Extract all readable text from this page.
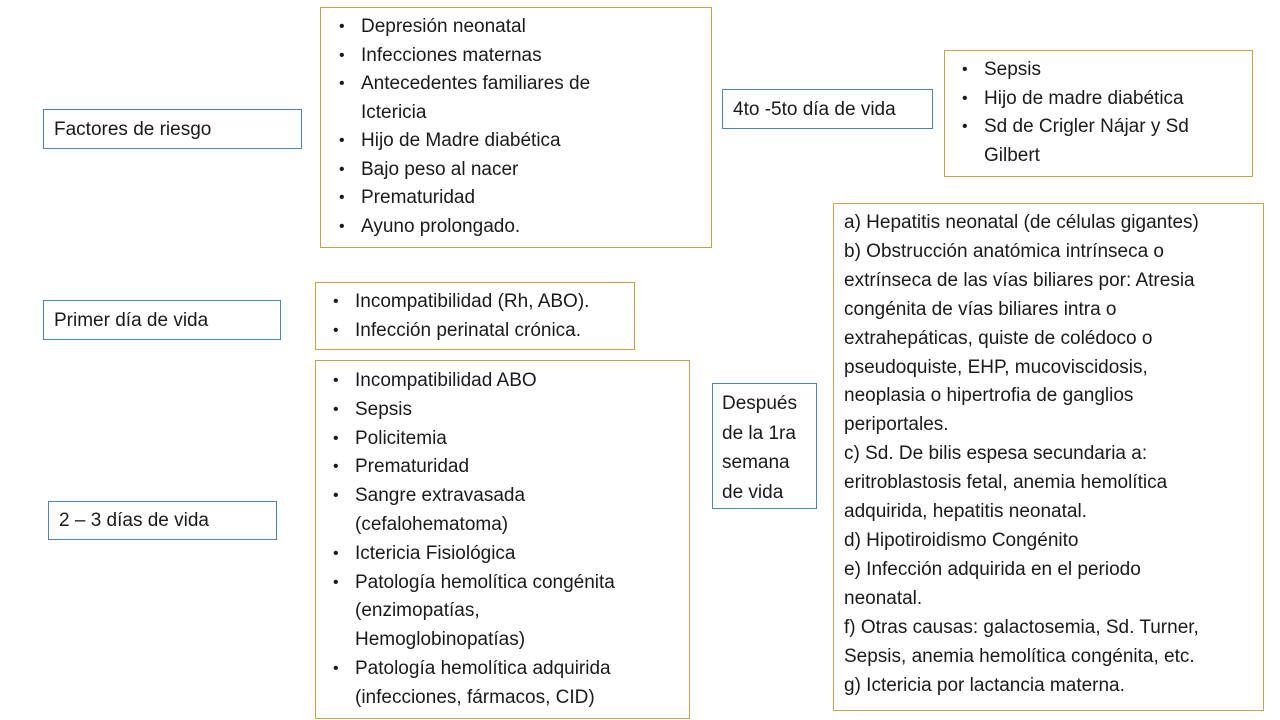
Factores de riesgo
Primer día de vida
2 – 3 días de vida
4to -5to día de vida
Después
de la 1ra
semana
de vida
• Depresión neonatal
• Infecciones maternas
• Antecedentes familiares de
Ictericia
• Hijo de Madre diabética
• Bajo peso al nacer
• Prematuridad
• Ayuno prolongado.
• Incompatibilidad (Rh, ABO).
• Infección perinatal crónica.
• Incompatibilidad ABO
• Sepsis
• Policitemia
• Prematuridad
• Sangre extravasada
(cefalohematoma)
• Ictericia Fisiológica
• Patología hemolítica congénita
(enzimopatías,
Hemoglobinopatías)
• Patología hemolítica adquirida
(infecciones, fármacos, CID)
• Sepsis
• Hijo de madre diabética
• Sd de Crigler Nájar y Sd
Gilbert
a) Hepatitis neonatal (de células gigantes)
b) Obstrucción anatómica intrínseca o
extrínseca de las vías biliares por: Atresia
congénita de vías biliares intra o
extrahepáticas, quiste de colédoco o
pseudoquiste, EHP, mucoviscidosis,
neoplasia o hipertrofia de ganglios
periportales.
c) Sd. De bilis espesa secundaria a:
eritroblastosis fetal, anemia hemolítica
adquirida, hepatitis neonatal.
d) Hipotiroidismo Congénito
e) Infección adquirida en el periodo
neonatal.
f) Otras causas: galactosemia, Sd. Turner,
Sepsis, anemia hemolítica congénita, etc.
g) Ictericia por lactancia materna.
